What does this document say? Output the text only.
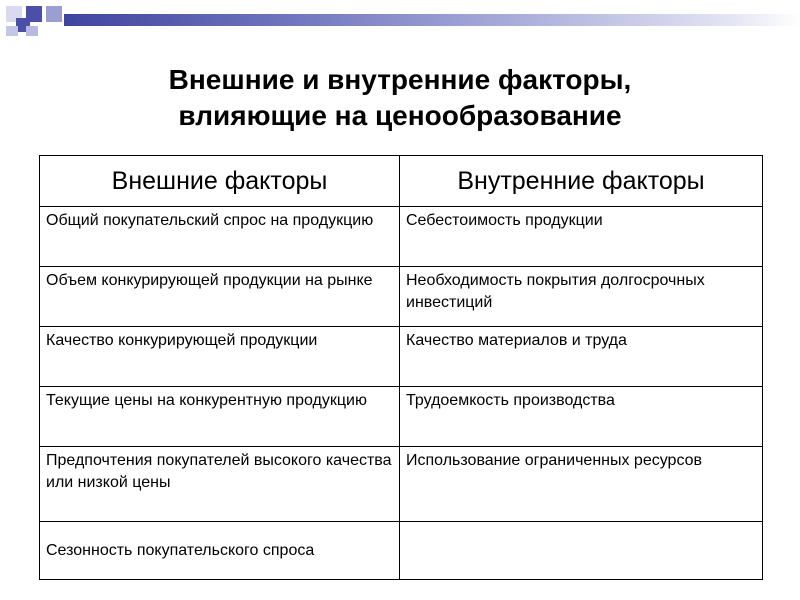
Внешние и внутренние факторы,
влияющие на ценообразование
Внешние факторы	Внутренние факторы
Общий покупательский спрос на продукцию	Себестоимость продукции
Объем конкурирующей продукции на рынке	Необходимость покрытия долгосрочных инвестиций
Качество конкурирующей продукции	Качество материалов и труда
Текущие цены на конкурентную продукцию	Трудоемкость производства
Предпочтения покупателей высокого качества или низкой цены	Использование ограниченных ресурсов
Сезонность покупательского спроса	
